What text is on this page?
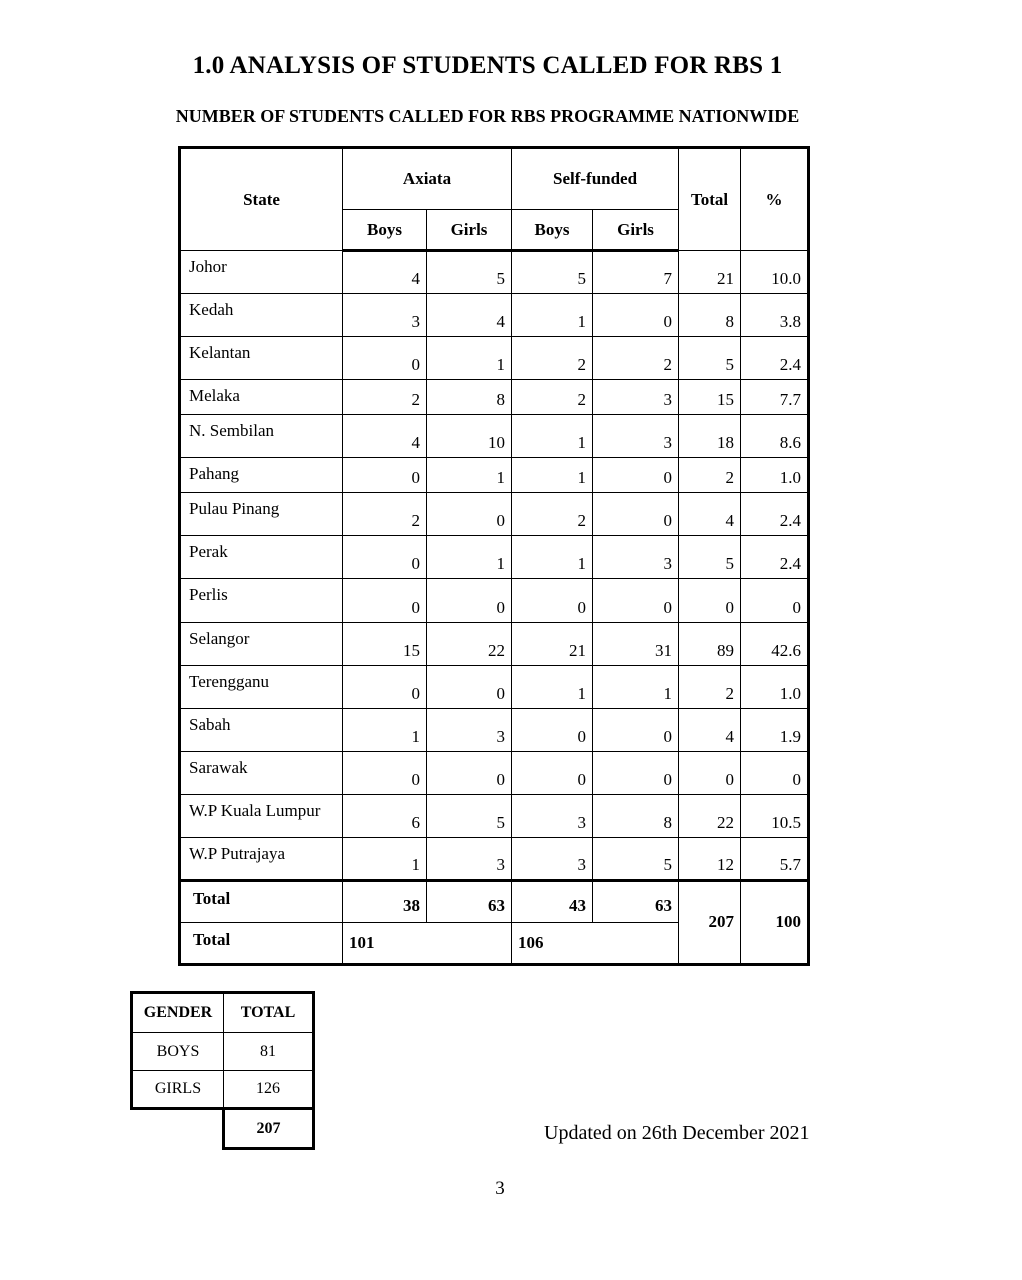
1.0 ANALYSIS OF STUDENTS CALLED FOR RBS 1
NUMBER OF STUDENTS CALLED FOR RBS PROGRAMME NATIONWIDE
State	Axiata		Self-funded		Total	%
	Boys	Girls	Boys	Girls		
Johor	4	5	5	7	21	10.0
Kedah	3	4	1	0	8	3.8
Kelantan	0	1	2	2	5	2.4
Melaka	2	8	2	3	15	7.7
N. Sembilan	4	10	1	3	18	8.6
Pahang	0	1	1	0	2	1.0
Pulau Pinang	2	0	2	0	4	2.4
Perak	0	1	1	3	5	2.4
Perlis	0	0	0	0	0	0
Selangor	15	22	21	31	89	42.6
Terengganu	0	0	1	1	2	1.0
Sabah	1	3	0	0	4	1.9
Sarawak	0	0	0	0	0	0
W.P Kuala Lumpur	6	5	3	8	22	10.5
W.P Putrajaya	1	3	3	5	12	5.7
Total	38	63	43	63	207	100
Total	101		106			
GENDER	TOTAL
BOYS	81
GIRLS	126
	207	Updated on 26th December 2021
3
